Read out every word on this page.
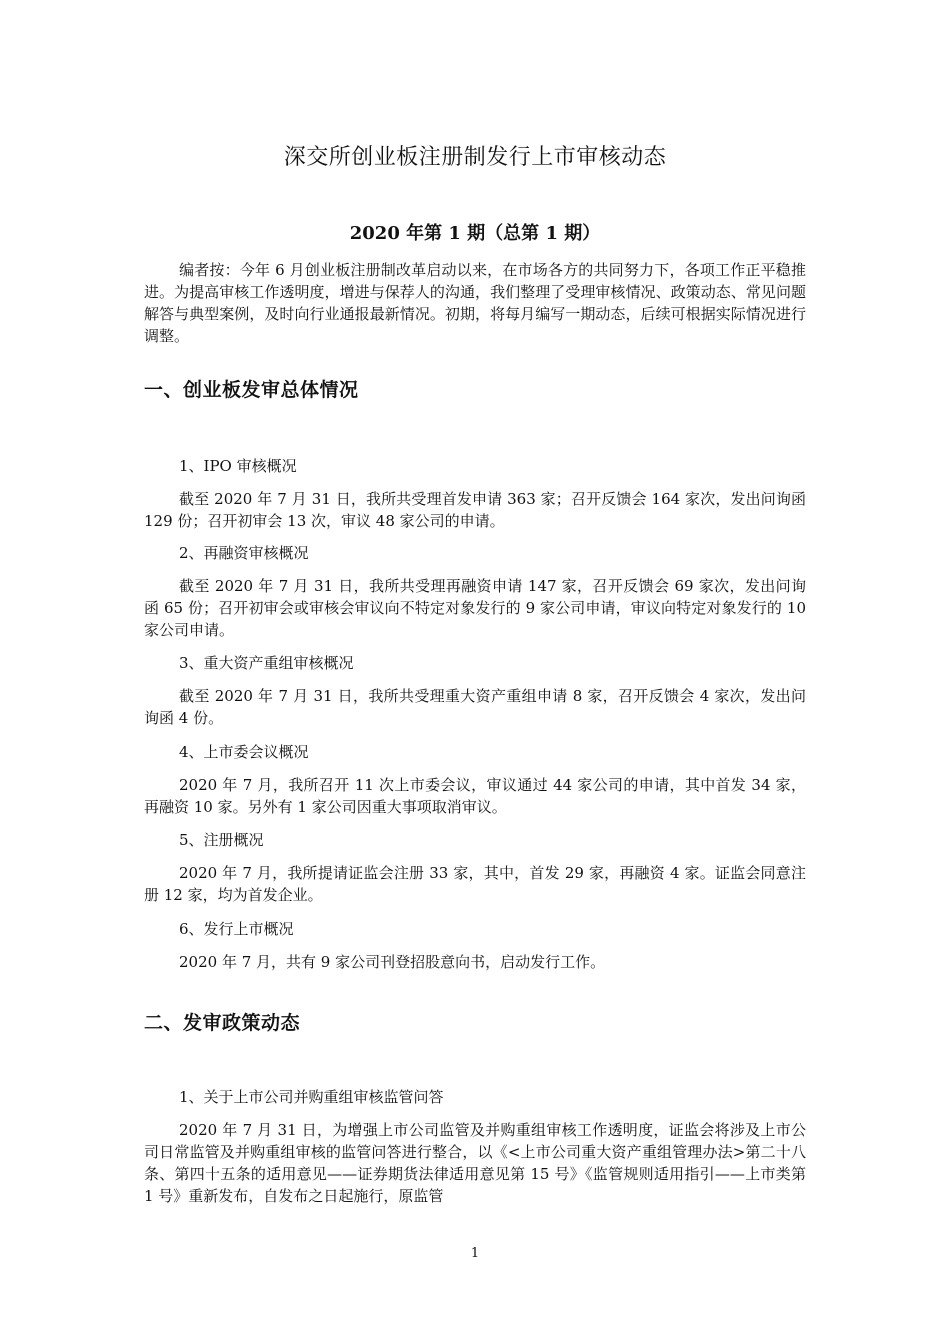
深交所创业板注册制发行上市审核动态
2020 年第 1 期（总第 1 期）

编者按：今年 6 月创业板注册制改革启动以来，在市场各方的共同努力下，各项工作正平稳推进。为提高审核工作透明度，增进与保荐人的沟通，我们整理了受理审核情况、政策动态、常见问题解答与典型案例，及时向行业通报最新情况。初期，将每月编写一期动态，后续可根据实际情况进行调整。

一、创业板发审总体情况

1、IPO 审核概况

截至 2020 年 7 月 31 日，我所共受理首发申请 363 家；召开反馈会 164 家次，发出问询函 129 份；召开初审会 13 次，审议 48 家公司的申请。

2、再融资审核概况

截至 2020 年 7 月 31 日，我所共受理再融资申请 147 家，召开反馈会 69 家次，发出问询函 65 份；召开初审会或审核会审议向不特定对象发行的 9 家公司申请，审议向特定对象发行的 10 家公司申请。

3、重大资产重组审核概况

截至 2020 年 7 月 31 日，我所共受理重大资产重组申请 8 家，召开反馈会 4 家次，发出问询函 4 份。

4、上市委会议概况

2020 年 7 月，我所召开 11 次上市委会议，审议通过 44 家公司的申请，其中首发 34 家，再融资 10 家。另外有 1 家公司因重大事项取消审议。

5、注册概况

2020 年 7 月，我所提请证监会注册 33 家，其中，首发 29 家，再融资 4 家。证监会同意注册 12 家，均为首发企业。

6、发行上市概况

2020 年 7 月，共有 9 家公司刊登招股意向书，启动发行工作。

二、发审政策动态

1、关于上市公司并购重组审核监管问答

2020 年 7 月 31 日，为增强上市公司监管及并购重组审核工作透明度，证监会将涉及上市公司日常监管及并购重组审核的监管问答进行整合，以《<上市公司重大资产重组管理办法>第二十八条、第四十五条的适用意见——证券期货法律适用意见第 15 号》《监管规则适用指引——上市类第 1 号》重新发布，自发布之日起施行，原监管

1
